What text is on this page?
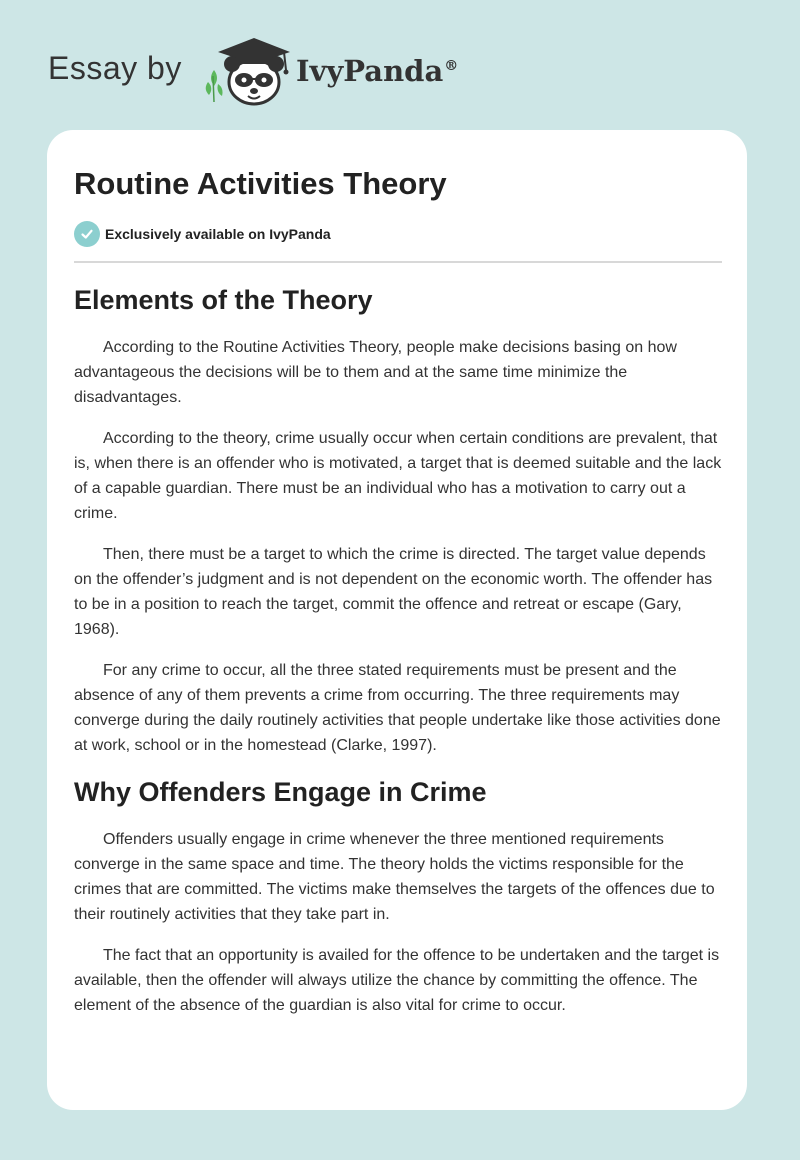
Essay by	IvyPanda®
Routine Activities Theory
Exclusively available on IvyPanda
Elements of the Theory

According to the Routine Activities Theory, people make decisions basing on how advantageous the decisions will be to them and at the same time minimize the disadvantages.

According to the theory, crime usually occur when certain conditions are prevalent, that is, when there is an offender who is motivated, a target that is deemed suitable and the lack of a capable guardian. There must be an individual who has a motivation to carry out a crime.

Then, there must be a target to which the crime is directed. The target value depends on the offender’s judgment and is not dependent on the economic worth. The offender has to be in a position to reach the target, commit the offence and retreat or escape (Gary, 1968).

For any crime to occur, all the three stated requirements must be present and the absence of any of them prevents a crime from occurring. The three requirements may converge during the daily routinely activities that people undertake like those activities done at work, school or in the homestead (Clarke, 1997).

Why Offenders Engage in Crime

Offenders usually engage in crime whenever the three mentioned requirements converge in the same space and time. The theory holds the victims responsible for the crimes that are committed. The victims make themselves the targets of the offences due to their routinely activities that they take part in.

The fact that an opportunity is availed for the offence to be undertaken and the target is available, then the offender will always utilize the chance by committing the offence. The element of the absence of the guardian is also vital for crime to occur.
